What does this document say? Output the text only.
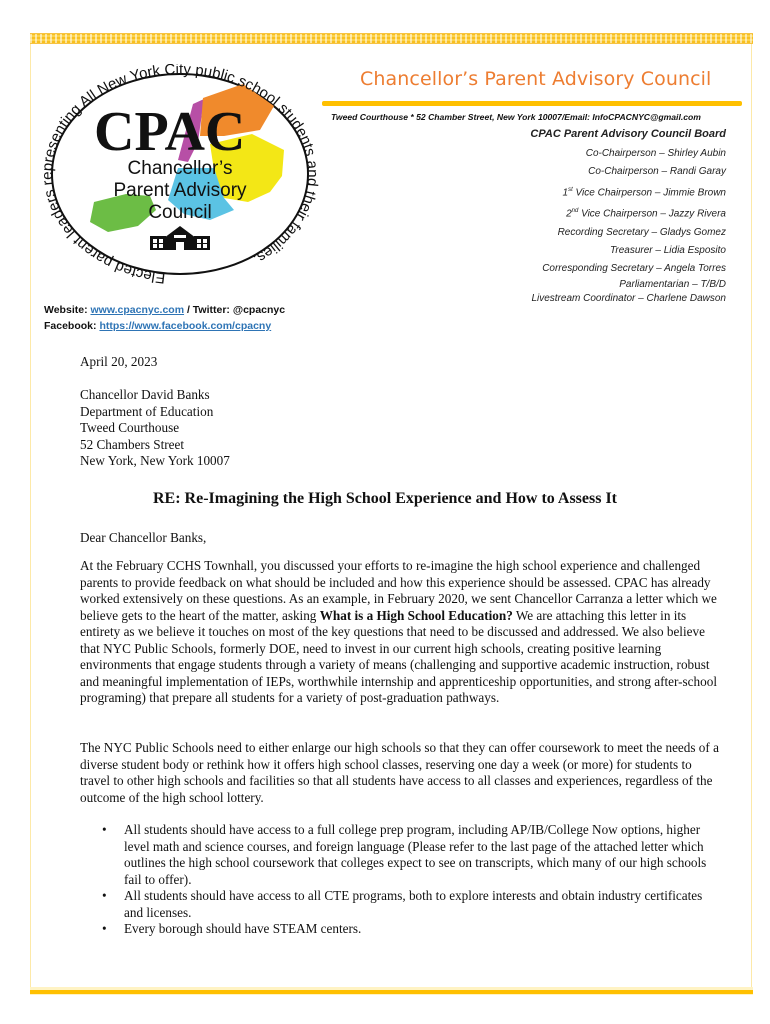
CPAC
Chancellor’s
Parent Advisory
Council
Elected parent leaders representing All New York City public school students and their families.
Chancellor’s Parent Advisory Council
Tweed Courthouse * 52 Chamber Street, New York 10007/Email: InfoCPACNYC@gmail.com
CPAC Parent Advisory Council Board
Co-Chairperson – Shirley Aubin
Co-Chairperson – Randi Garay
1st Vice Chairperson – Jimmie Brown
2nd Vice Chairperson – Jazzy Rivera
Recording Secretary – Gladys Gomez
Treasurer – Lidia Esposito
Corresponding Secretary – Angela Torres
Parliamentarian – T/B/D
Livestream Coordinator – Charlene Dawson
Website: www.cpacnyc.com / Twitter: @cpacnyc
Facebook: https://www.facebook.com/cpacny
April 20, 2023
Chancellor David Banks
Department of Education
Tweed Courthouse
52 Chambers Street
New York, New York 10007
RE: Re-Imagining the High School Experience and How to Assess It
Dear Chancellor Banks,

At the February CCHS Townhall, you discussed your efforts to re-imagine the high school experience and challenged parents to provide feedback on what should be included and how this experience should be assessed. CPAC has already worked extensively on these questions. As an example, in February 2020, we sent Chancellor Carranza a letter which we believe gets to the heart of the matter, asking What is a High School Education? We are attaching this letter in its entirety as we believe it touches on most of the key questions that need to be discussed and addressed. We also believe that NYC Public Schools, formerly DOE, need to invest in our current high schools, creating positive learning environments that engage students through a variety of means (challenging and supportive academic instruction, robust and meaningful implementation of IEPs, worthwhile internship and apprenticeship opportunities, and strong after-school programing) that prepare all students for a variety of post-graduation pathways.

The NYC Public Schools need to either enlarge our high schools so that they can offer coursework to meet the needs of a diverse student body or rethink how it offers high school classes, reserving one day a week (or more) for students to travel to other high schools and facilities so that all students have access to all classes and experiences, regardless of the outcome of the high school lottery.

• All students should have access to a full college prep program, including AP/IB/College Now options, higher level math and science courses, and foreign language (Please refer to the last page of the attached letter which outlines the high school coursework that colleges expect to see on transcripts, which many of our high schools fail to offer).
• All students should have access to all CTE programs, both to explore interests and obtain industry certificates and licenses.
• Every borough should have STEAM centers.
